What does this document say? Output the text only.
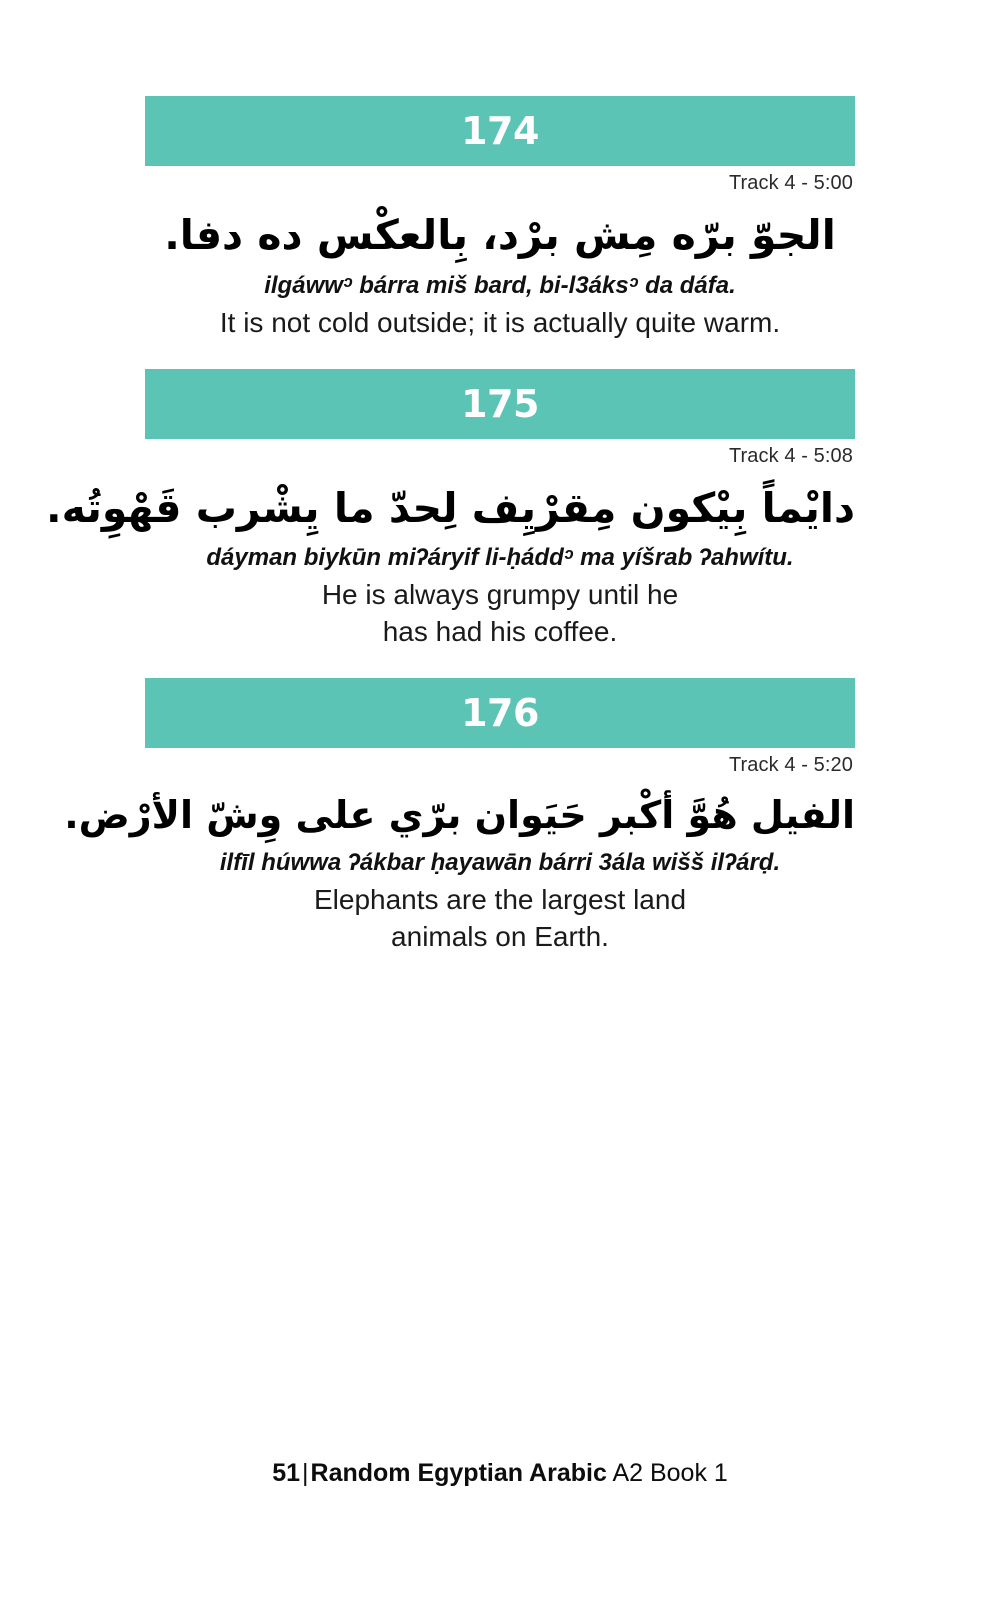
174
Track 4 - 5:00
الجوّ برّه مِش برْد، بِالعكْس ده دفا.
ilgáwwᵓ bárra miš bard, bi-l3áksᵓ da dáfa.
It is not cold outside; it is actually quite warm.
175
Track 4 - 5:08
دايْماً بِيْكون مِقرْيِف لِحدّ ما يِشْرب قَهْوِتُه.
dáyman biykūn miʔáryif li-ḥáddᵓ ma yíšrab ʔahwítu.
He is always grumpy until he
has had his coffee.
176
Track 4 - 5:20
الفيل هُوَّ أكْبر حَيَوان برّي على وِشّ الأرْض.
ilfīl húwwa ʔákbar ḥayawān bárri 3ála wišš ilʔárḍ.
Elephants are the largest land
animals on Earth.
51|Random Egyptian Arabic A2 Book 1
